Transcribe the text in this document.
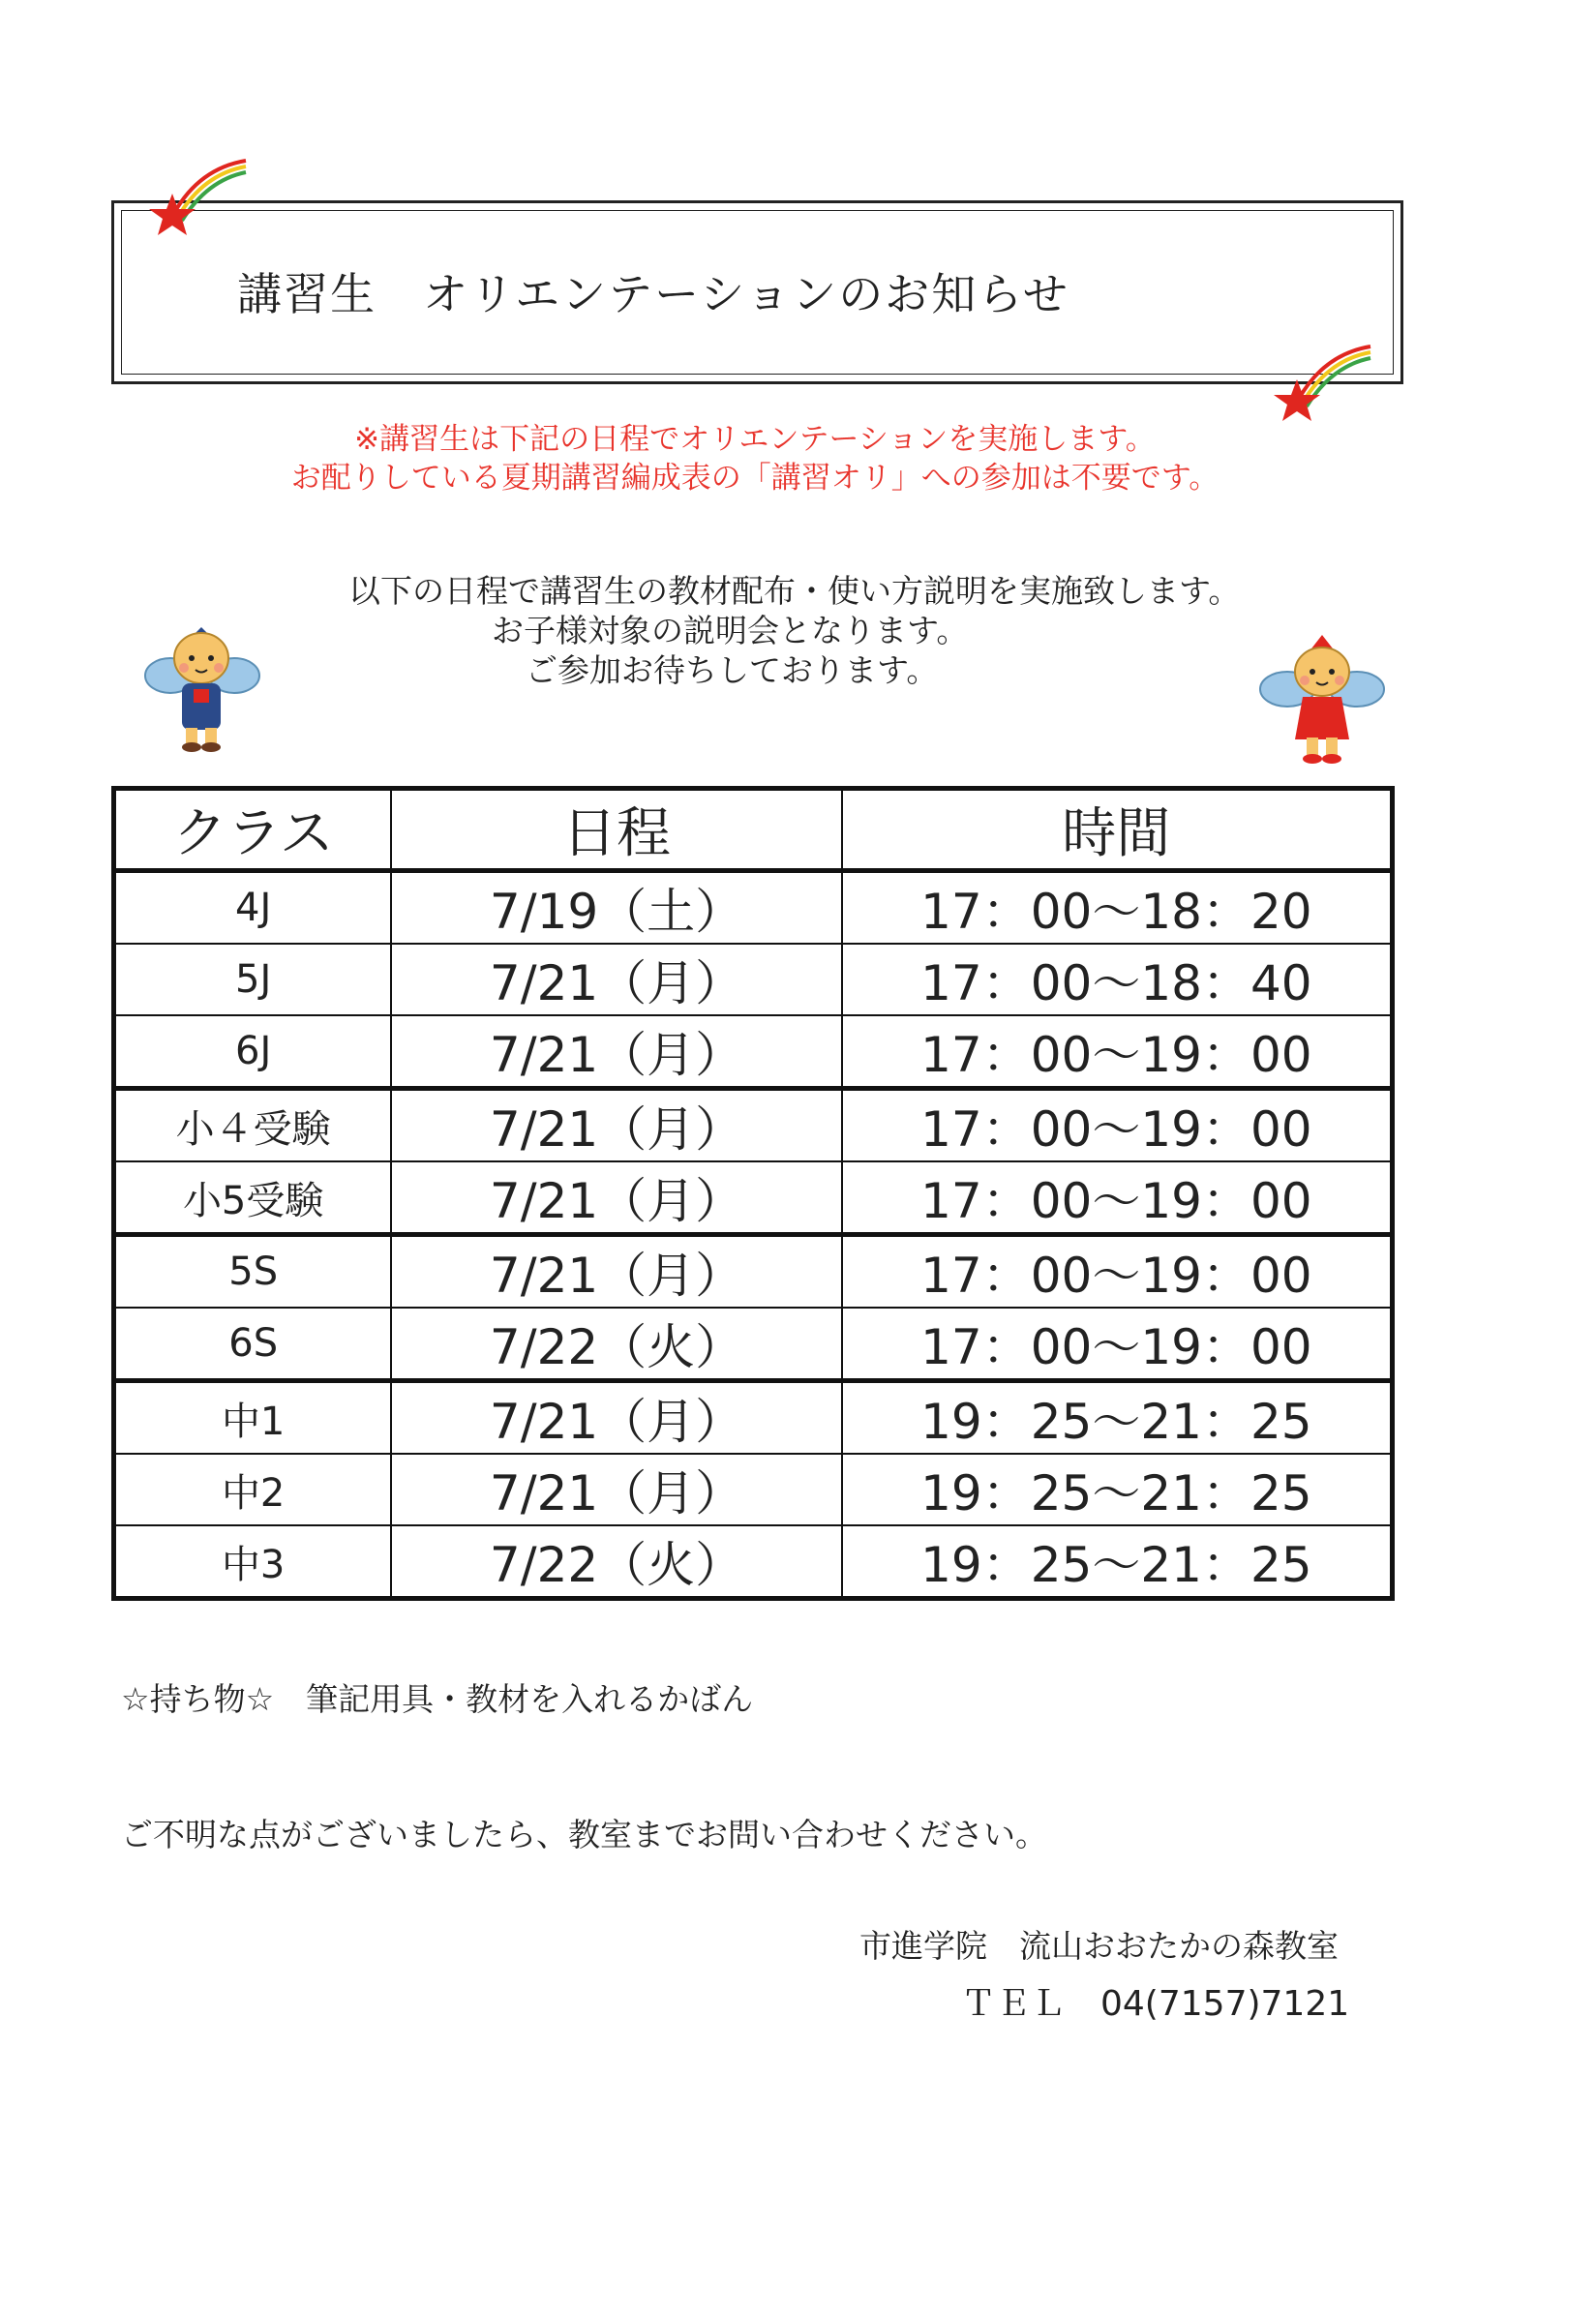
講習生　オリエンテーションのお知らせ
※講習生は下記の日程でオリエンテーションを実施します。
お配りしている夏期講習編成表の「講習オリ」への参加は不要です。
以下の日程で講習生の教材配布・使い方説明を実施致します。
お子様対象の説明会となります。
ご参加お待ちしております。
クラス	日程	時間
4J	7/19（土）	17：00〜18：20
5J	7/21（月）	17：00〜18：40
6J	7/21（月）	17：00〜19：00
小４受験	7/21（月）	17：00〜19：00
小5受験	7/21（月）	17：00〜19：00
5S	7/21（月）	17：00〜19：00
6S	7/22（火）	17：00〜19：00
中1	7/21（月）	19：25〜21：25
中2	7/21（月）	19：25〜21：25
中3	7/22（火）	19：25〜21：25
☆持ち物☆　筆記用具・教材を入れるかばん
ご不明な点がございましたら、教室までお問い合わせください。
市進学院　流山おおたかの森教室
ＴＥＬ　04(7157)7121
